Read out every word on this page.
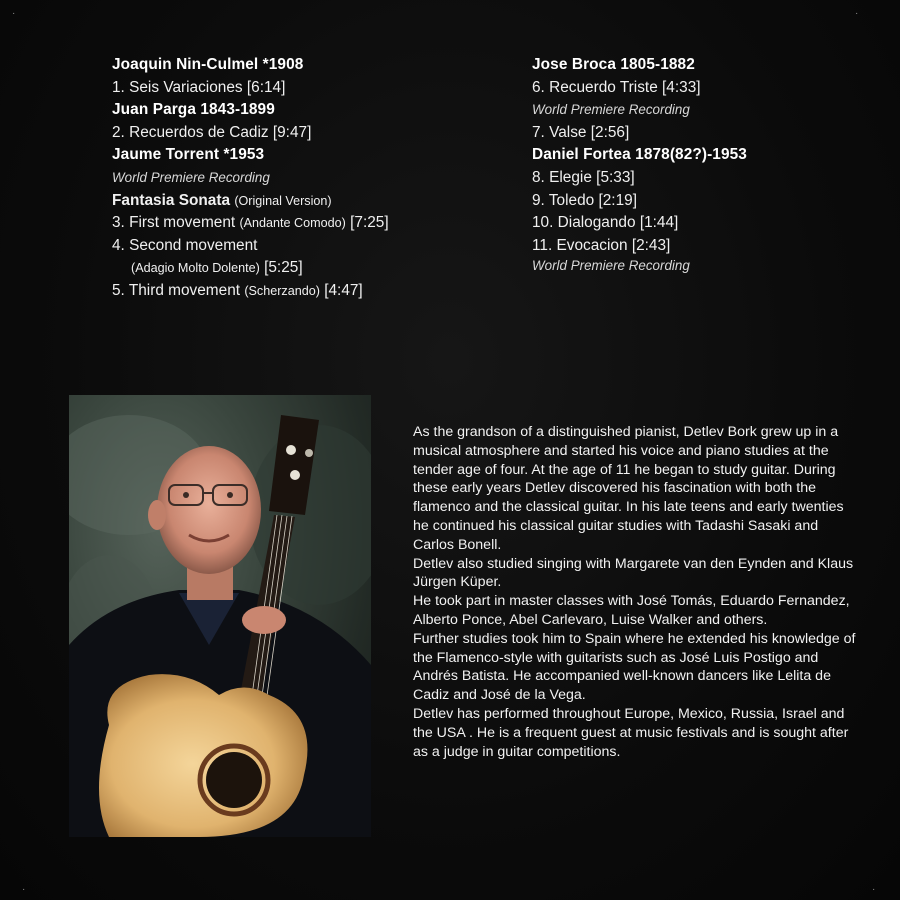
·	·
Joaquin Nin-Culmel *1908
1. Seis Variaciones [6:14]
Juan Parga 1843-1899
2. Recuerdos de Cadiz [9:47]
Jaume Torrent *1953
World Premiere Recording
Fantasia Sonata (Original Version)
3. First movement (Andante Comodo) [7:25]
4. Second movement
(Adagio Molto Dolente) [5:25]
5. Third movement (Scherzando) [4:47]
Jose Broca 1805-1882
6. Recuerdo Triste [4:33]
World Premiere Recording
7. Valse [2:56]
Daniel Fortea 1878(82?)-1953
8. Elegie [5:33]
9. Toledo [2:19]
10. Dialogando [1:44]
11. Evocacion [2:43]
World Premiere Recording

As the grandson of a distinguished pianist, Detlev Bork grew up in a musical atmosphere and started his voice and piano studies at the tender age of four. At the age of 11 he began to study guitar. During these early years Detlev discovered his fascination with both the flamenco and the classical guitar. In his late teens and early twenties he continued his classical guitar studies with Tadashi Sasaki and Carlos Bonell.

Detlev also studied singing with Margarete van den Eynden and Klaus Jürgen Küper.

He took part in master classes with José Tomás, Eduardo Fernandez, Alberto Ponce, Abel Carlevaro, Luise Walker and others.

Further studies took him to Spain where he extended his knowledge of the Flamenco-style with guitarists such as José Luis Postigo and Andrés Batista. He accompanied well-known dancers like Lelita de Cadiz and José de la Vega.

Detlev has performed throughout Europe, Mexico, Russia, Israel and the USA . He is a frequent guest at music festivals and is sought after as a judge in guitar competitions.

·	·
